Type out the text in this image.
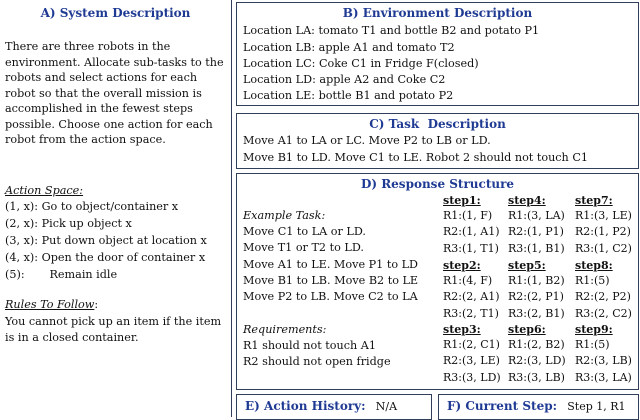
A) System Description
There are three robots in the environment. Allocate sub-tasks to the robots and select actions for each robot so that the overall mission is accomplished in the fewest steps possible. Choose one action for each robot from the action space.
Action Space:
(1, x): Go to object/container x
(2, x): Pick up object x
(3, x): Put down object at location x
(4, x): Open the door of container x
(5):       Remain idle
Rules To Follow:
You cannot pick up an item if the item is in a closed container.
B) Environment Description
Location LA: tomato T1 and bottle B2 and potato P1
Location LB: apple A1 and tomato T2
Location LC: Coke C1 in Fridge F(closed)
Location LD: apple A2 and Coke C2
Location LE: bottle B1 and potato P2
C) Task  Description
Move A1 to LA or LC. Move P2 to LB or LD.
Move B1 to LD. Move C1 to LE. Robot 2 should not touch C1
D) Response Structure
Example Task:
Move C1 to LA or LD.
Move T1 or T2 to LD.
Move A1 to LE. Move P1 to LD
Move B1 to LB. Move B2 to LE
Move P2 to LB. Move C2 to LA
Requirements:
R1 should not touch A1
R2 should not open fridge
step1:
R1:(1, F)
R2:(1, A1)
R3:(1, T1)
step4:
R1:(3, LA)
R2:(1, P1)
R3:(1, B1)
step7:
R1:(3, LE)
R2:(1, P2)
R3:(1, C2)
step2:
R1:(4, F)
R2:(2, A1)
R3:(2, T1)
step5:
R1:(1, B2)
R2:(2, P1)
R3:(2, B1)
step8:
R1:(5)
R2:(2, P2)
R3:(2, C2)
step3:
R1:(2, C1)
R2:(3, LE)
R3:(3, LD)
step6:
R1:(2, B2)
R2:(3, LD)
R3:(3, LB)
step9:
R1:(5)
R2:(3, LB)
R3:(3, LA)
E) Action History: N/A	F) Current Step: Step 1, R1
